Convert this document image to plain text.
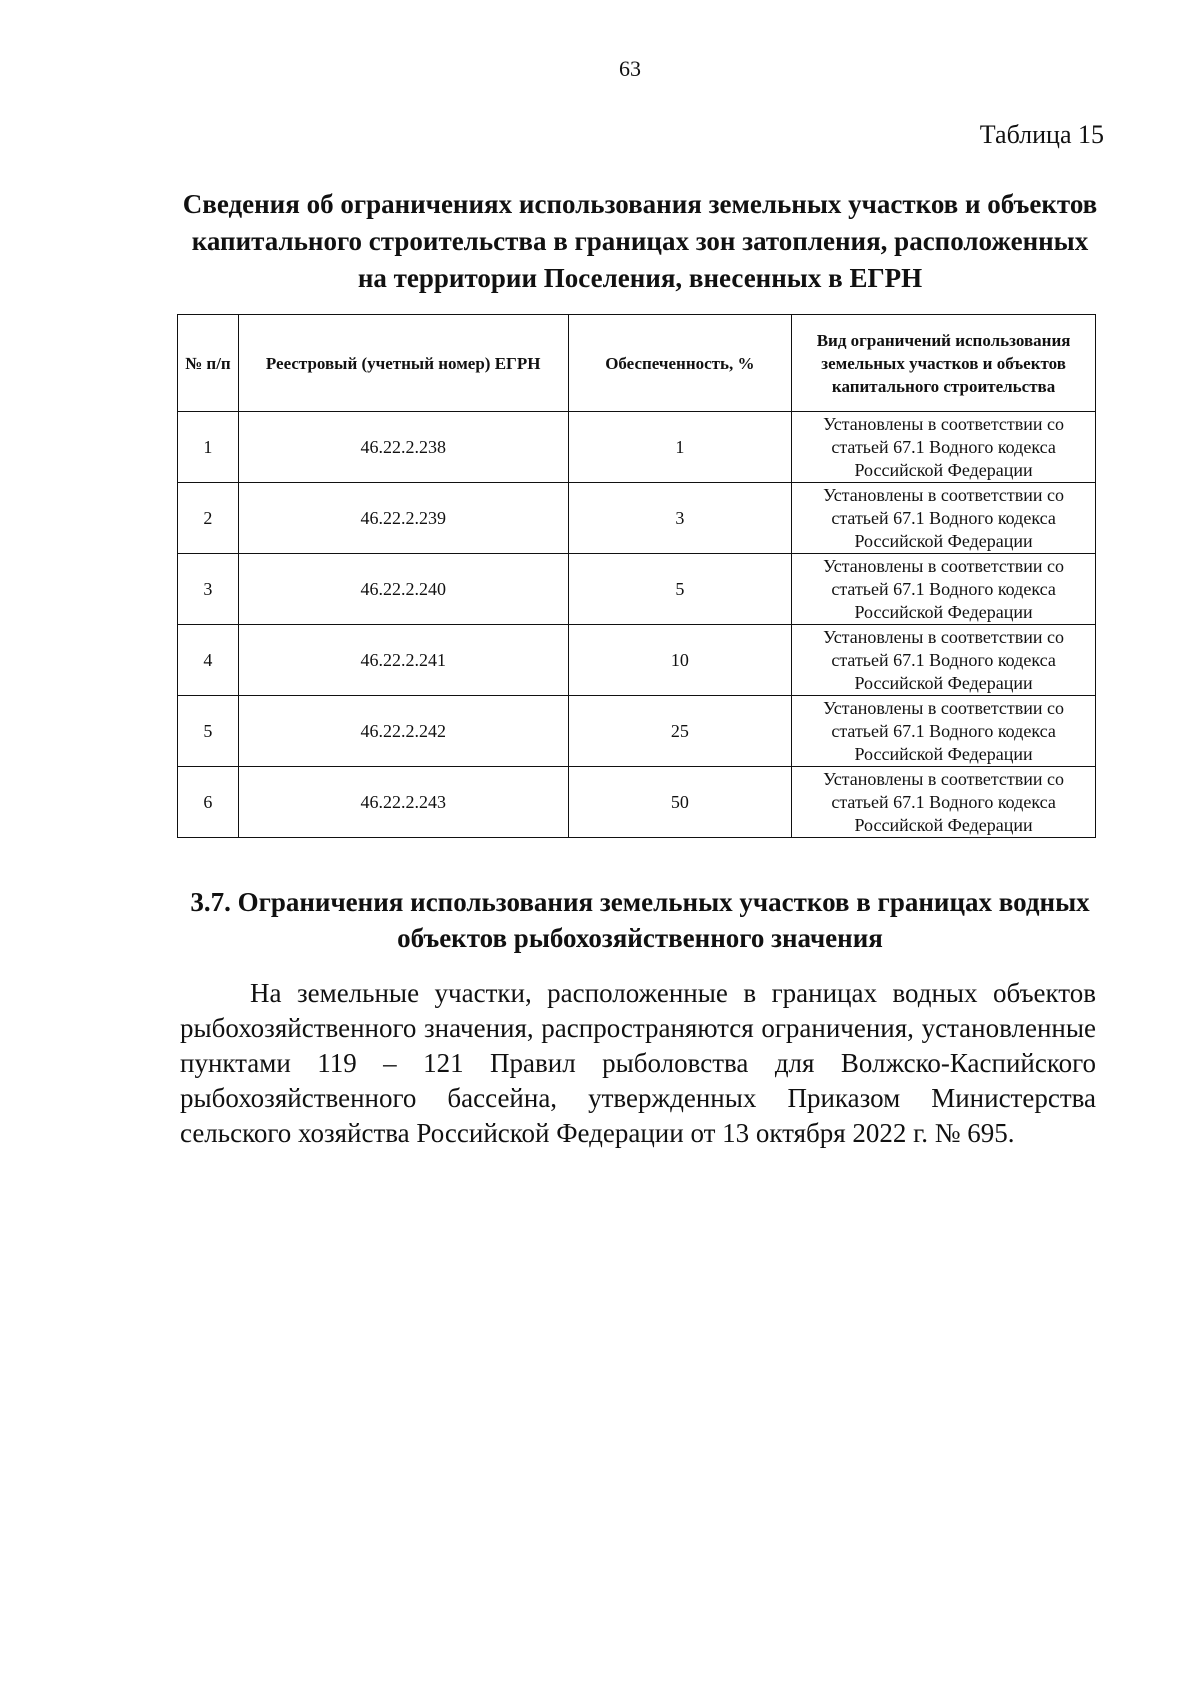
63
Таблица 15
Сведения об ограничениях использования земельных участков и объектов капитального строительства в границах зон затопления, расположенных на территории Поселения, внесенных в ЕГРН
№ п/п	Реестровый (учетный номер) ЕГРН	Обеспеченность, %	Вид ограничений использования земельных участков и объектов капитального строительства
1	46.22.2.238	1	Установлены в соответствии со статьей 67.1 Водного кодекса Российской Федерации
2	46.22.2.239	3	Установлены в соответствии со статьей 67.1 Водного кодекса Российской Федерации
3	46.22.2.240	5	Установлены в соответствии со статьей 67.1 Водного кодекса Российской Федерации
4	46.22.2.241	10	Установлены в соответствии со статьей 67.1 Водного кодекса Российской Федерации
5	46.22.2.242	25	Установлены в соответствии со статьей 67.1 Водного кодекса Российской Федерации
6	46.22.2.243	50	Установлены в соответствии со статьей 67.1 Водного кодекса Российской Федерации
3.7. Ограничения использования земельных участков в границах водных объектов рыбохозяйственного значения

На земельные участки, расположенные в границах водных объектов рыбохозяйственного значения, распространяются ограничения, установленные пунктами 119 – 121 Правил рыболовства для Волжско-Каспийского рыбохозяйственного бассейна, утвержденных Приказом Министерства сельского хозяйства Российской Федерации от 13 октября 2022 г. № 695.
